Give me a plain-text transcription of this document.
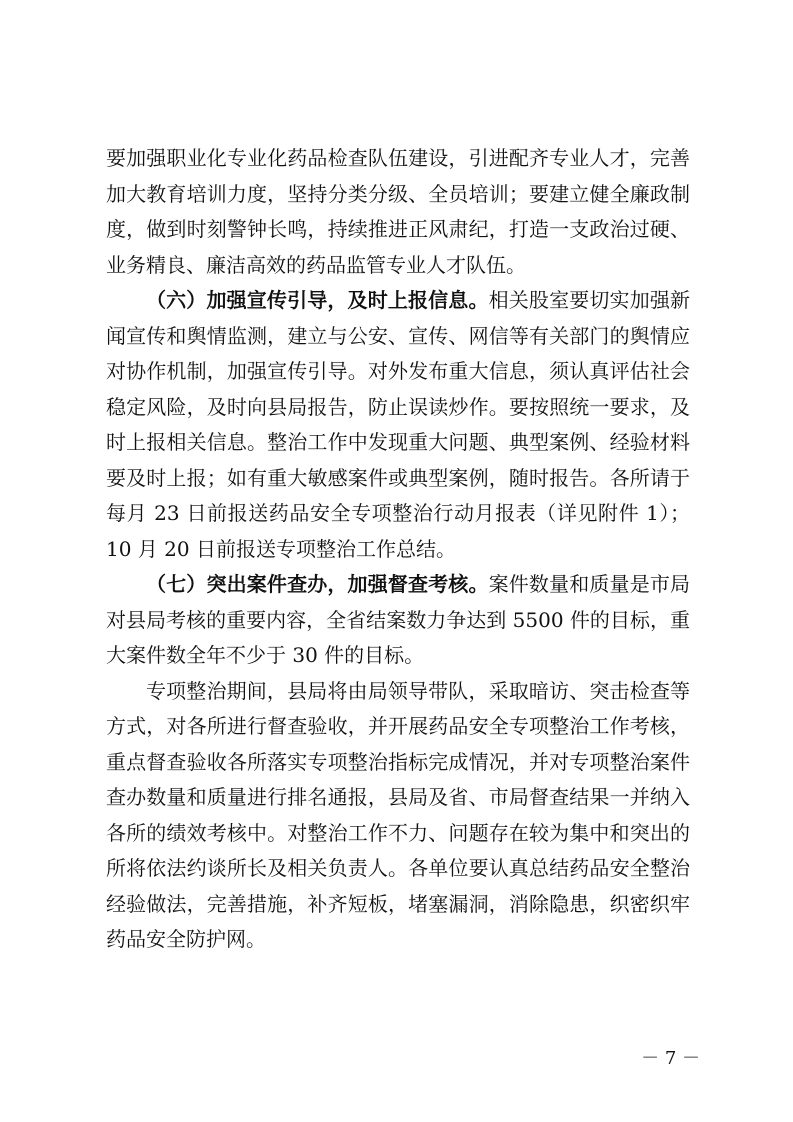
要加强职业化专业化药品检查队伍建设，引进配齐专业人才，完善加大教育培训力度，坚持分类分级、全员培训；要建立健全廉政制度，做到时刻警钟长鸣，持续推进正风肃纪，打造一支政治过硬、业务精良、廉洁高效的药品监管专业人才队伍。

（六）加强宣传引导，及时上报信息。相关股室要切实加强新闻宣传和舆情监测，建立与公安、宣传、网信等有关部门的舆情应对协作机制，加强宣传引导。对外发布重大信息，须认真评估社会稳定风险，及时向县局报告，防止误读炒作。要按照统一要求，及时上报相关信息。整治工作中发现重大问题、典型案例、经验材料要及时上报；如有重大敏感案件或典型案例，随时报告。各所请于每月 23 日前报送药品安全专项整治行动月报表（详见附件 1）；10 月 20 日前报送专项整治工作总结。

（七）突出案件查办，加强督查考核。案件数量和质量是市局对县局考核的重要内容，全省结案数力争达到 5500 件的目标，重大案件数全年不少于 30 件的目标。

专项整治期间，县局将由局领导带队，采取暗访、突击检查等方式，对各所进行督查验收，并开展药品安全专项整治工作考核，重点督查验收各所落实专项整治指标完成情况，并对专项整治案件查办数量和质量进行排名通报，县局及省、市局督查结果一并纳入各所的绩效考核中。对整治工作不力、问题存在较为集中和突出的所将依法约谈所长及相关负责人。各单位要认真总结药品安全整治经验做法，完善措施，补齐短板，堵塞漏洞，消除隐患，织密织牢药品安全防护网。

－ 7 －
